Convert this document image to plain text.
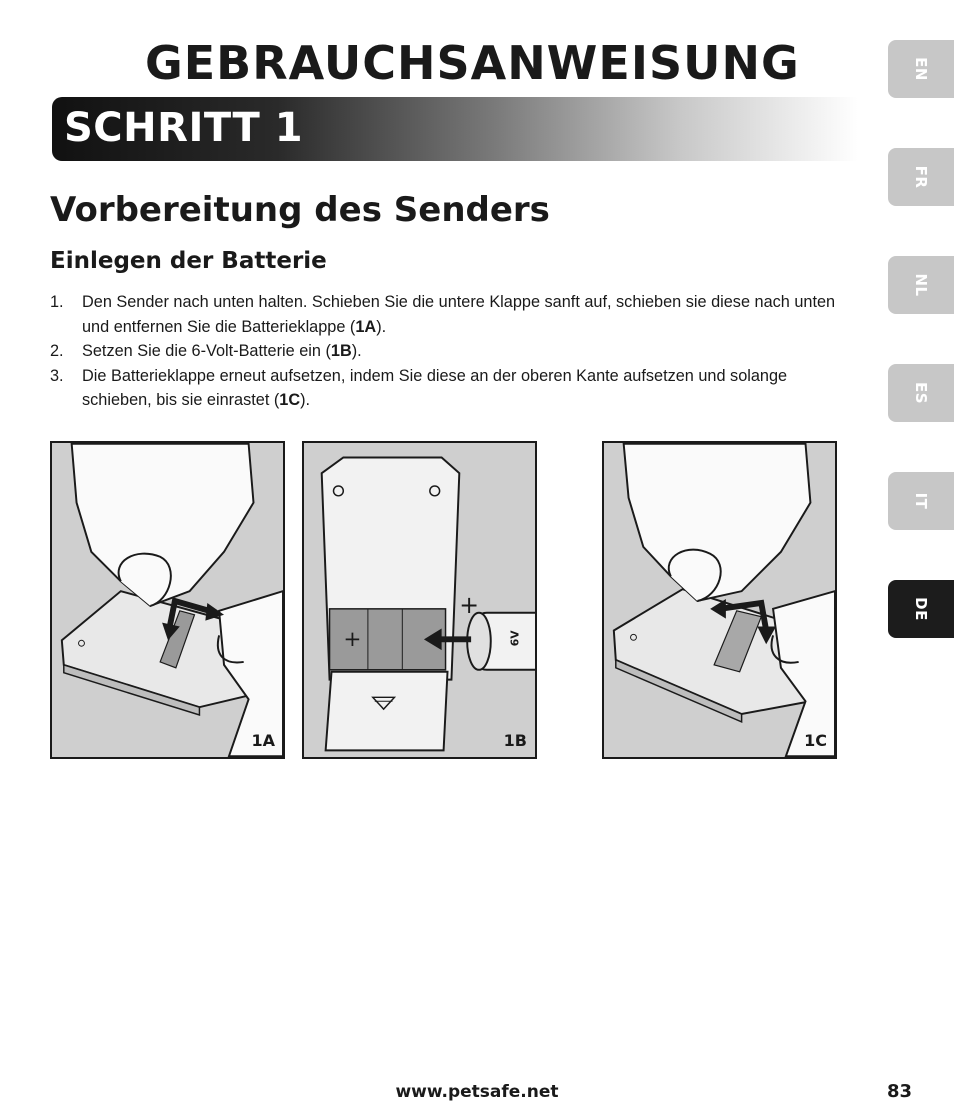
GEBRAUCHSANWEISUNG
SCHRITT 1
Vorbereitung des Senders
Einlegen der Batterie
1. Den Sender nach unten halten. Schieben Sie die untere Klappe sanft auf, schieben sie diese nach unten und entfernen Sie die Batterieklappe (1A).
2. Setzen Sie die 6-Volt-Batterie ein (1B).
3. Die Batterieklappe erneut aufsetzen, indem Sie diese an der oberen Kante aufsetzen und solange schieben, bis sie einrastet (1C).
EN
FR
NL
ES
IT
DE
1A
+	6V
+
1B	1C
www.petsafe.net	83
